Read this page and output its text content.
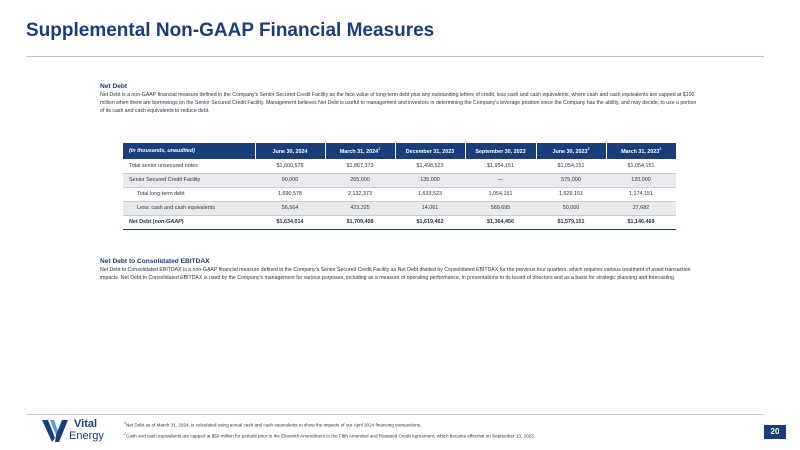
Supplemental Non-GAAP Financial Measures
Net Debt
Net Debt is a non-GAAP financial measure defined in the Company's Senior Secured Credit Facility as the face value of long-term debt plus any outstanding letters of credit, less cash and cash equivalents, where cash and cash equivalents are capped at $100 million when there are borrowings on the Senior Secured Credit Facility. Management believes Net Debt is useful to management and investors in determining the Company's leverage position since the Company has the ability, and may decide, to use a portion of its cash and cash equivalents to reduce debt.
(in thousands, unaudited)	June 30, 2024	March 31, 2024$^1$	December 31, 2023	September 30, 2023	June 30, 2023$^2$	March 31, 2023$^2$
Total senior unsecured notes	$1,600,578	$1,867,373	$1,498,523	$1,954,151	$1,054,151	$1,054,151
Senior Secured Credit Facility	90,000	265,000	135,000	—	575,000	120,000
Total long-term debt	1,690,578	2,132,373	1,633,523	1,954,151	1,629,151	1,174,151
Less: cash and cash equivalents	56,564	423,325	14,061	589,695	50,000	27,682
Net Debt (non-GAAP)	$1,634,014	$1,709,408	$1,619,462	$1,364,456	$1,579,151	$1,146,469
Net Debt to Consolidated EBITDAX
Net Debt to Consolidated EBITDAX is a non-GAAP financial measure defined in the Company's Senior Secured Credit Facility as Net Debt divided by Consolidated EBITDAX for the previous four quarters, which requires various treatment of asset transaction impacts. Net Debt to Consolidated EBITDAX is used by the Company's management for various purposes, including as a measure of operating performance, in presentations to its board of directors and as a basis for strategic planning and forecasting.
Vital
Energy
$^1$Net Debt as of March 31, 2024, is calculated using actual cash and cash equivalents to show the impacts of our April 2024 financing transactions.
$^2$Cash and cash equivalents are capped at $50 million for periods prior to the Eleventh Amendment to the Fifth Amended and Restated Credit Agreement, which became effective on September 13, 2023.	20
